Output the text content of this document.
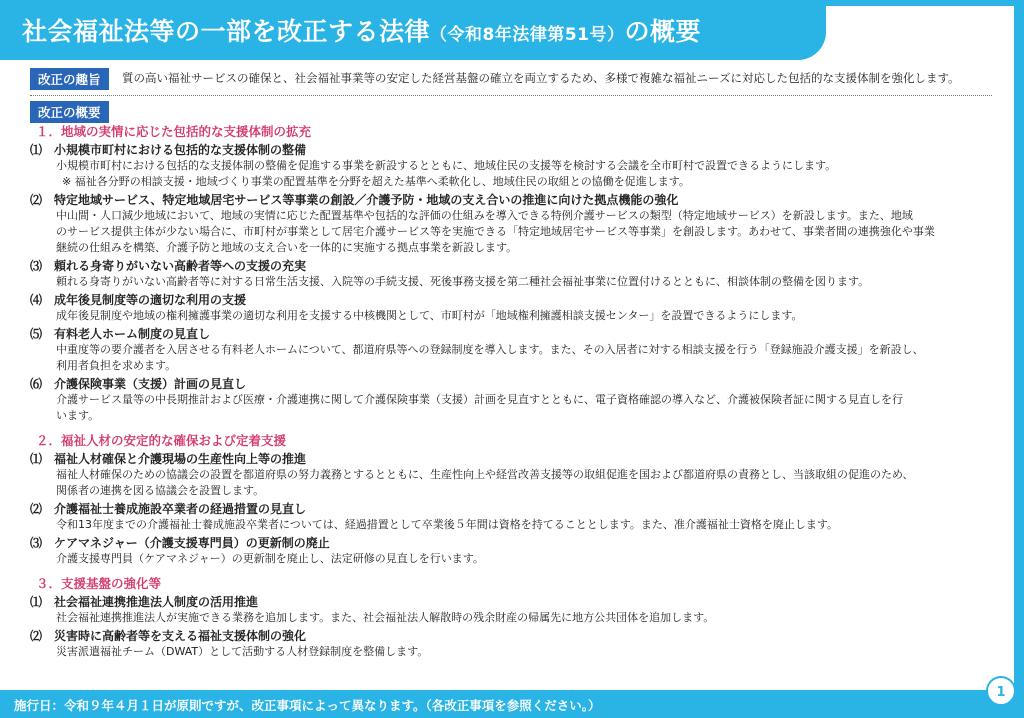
社会福祉法等の一部を改正する法律（令和8年法律第51号）の概要
改正の趣旨	質の高い福祉サービスの確保と、社会福祉事業等の安定した経営基盤の確立を両立するため、多様で複雑な福祉ニーズに対応した包括的な支援体制を強化します。
改正の概要
１．地域の実情に応じた包括的な支援体制の拡充
⑴ 小規模市町村における包括的な支援体制の整備
小規模市町村における包括的な支援体制の整備を促進する事業を新設するとともに、地域住民の支援等を検討する会議を全市町村で設置できるようにします。
※ 福祉各分野の相談支援・地域づくり事業の配置基準を分野を超えた基準へ柔軟化し、地域住民の取組との協働を促進します。
⑵ 特定地域サービス、特定地域居宅サービス等事業の創設／介護予防・地域の支え合いの推進に向けた拠点機能の強化
中山間・人口減少地域において、地域の実情に応じた配置基準や包括的な評価の仕組みを導入できる特例介護サービスの類型（特定地域サービス）を新設します。また、地域
のサービス提供主体が少ない場合に、市町村が事業として居宅介護サービス等を実施できる「特定地域居宅サービス等事業」を創設します。あわせて、事業者間の連携強化や事業
継続の仕組みを構築、介護予防と地域の支え合いを一体的に実施する拠点事業を新設します。
⑶ 頼れる身寄りがいない高齢者等への支援の充実
頼れる身寄りがいない高齢者等に対する日常生活支援、入院等の手続支援、死後事務支援を第二種社会福祉事業に位置付けるとともに、相談体制の整備を図ります。
⑷ 成年後見制度等の適切な利用の支援
成年後見制度や地域の権利擁護事業の適切な利用を支援する中核機関として、市町村が「地域権利擁護相談支援センター」を設置できるようにします。
⑸ 有料老人ホーム制度の見直し
中重度等の要介護者を入居させる有料老人ホームについて、都道府県等への登録制度を導入します。また、その入居者に対する相談支援を行う「登録施設介護支援」を新設し、
利用者負担を求めます。
⑹ 介護保険事業（支援）計画の見直し
介護サービス量等の中長期推計および医療・介護連携に関して介護保険事業（支援）計画を見直すとともに、電子資格確認の導入など、介護被保険者証に関する見直しを行
います。
２．福祉人材の安定的な確保および定着支援
⑴ 福祉人材確保と介護現場の生産性向上等の推進
福祉人材確保のための協議会の設置を都道府県の努力義務とするとともに、生産性向上や経営改善支援等の取組促進を国および都道府県の責務とし、当該取組の促進のため、
関係者の連携を図る協議会を設置します。
⑵ 介護福祉士養成施設卒業者の経過措置の見直し
令和13年度までの介護福祉士養成施設卒業者については、経過措置として卒業後５年間は資格を持てることとします。また、准介護福祉士資格を廃止します。
⑶ ケアマネジャー（介護支援専門員）の更新制の廃止
介護支援専門員（ケアマネジャー）の更新制を廃止し、法定研修の見直しを行います。
３．支援基盤の強化等
⑴ 社会福祉連携推進法人制度の活用推進
社会福祉連携推進法人が実施できる業務を追加します。また、社会福祉法人解散時の残余財産の帰属先に地方公共団体を追加します。
⑵ 災害時に高齢者等を支える福祉支援体制の強化
災害派遣福祉チーム（DWAT）として活動する人材登録制度を整備します。
施行日：令和９年４月１日が原則ですが、改正事項によって異なります。（各改正事項を参照ください。）
1
